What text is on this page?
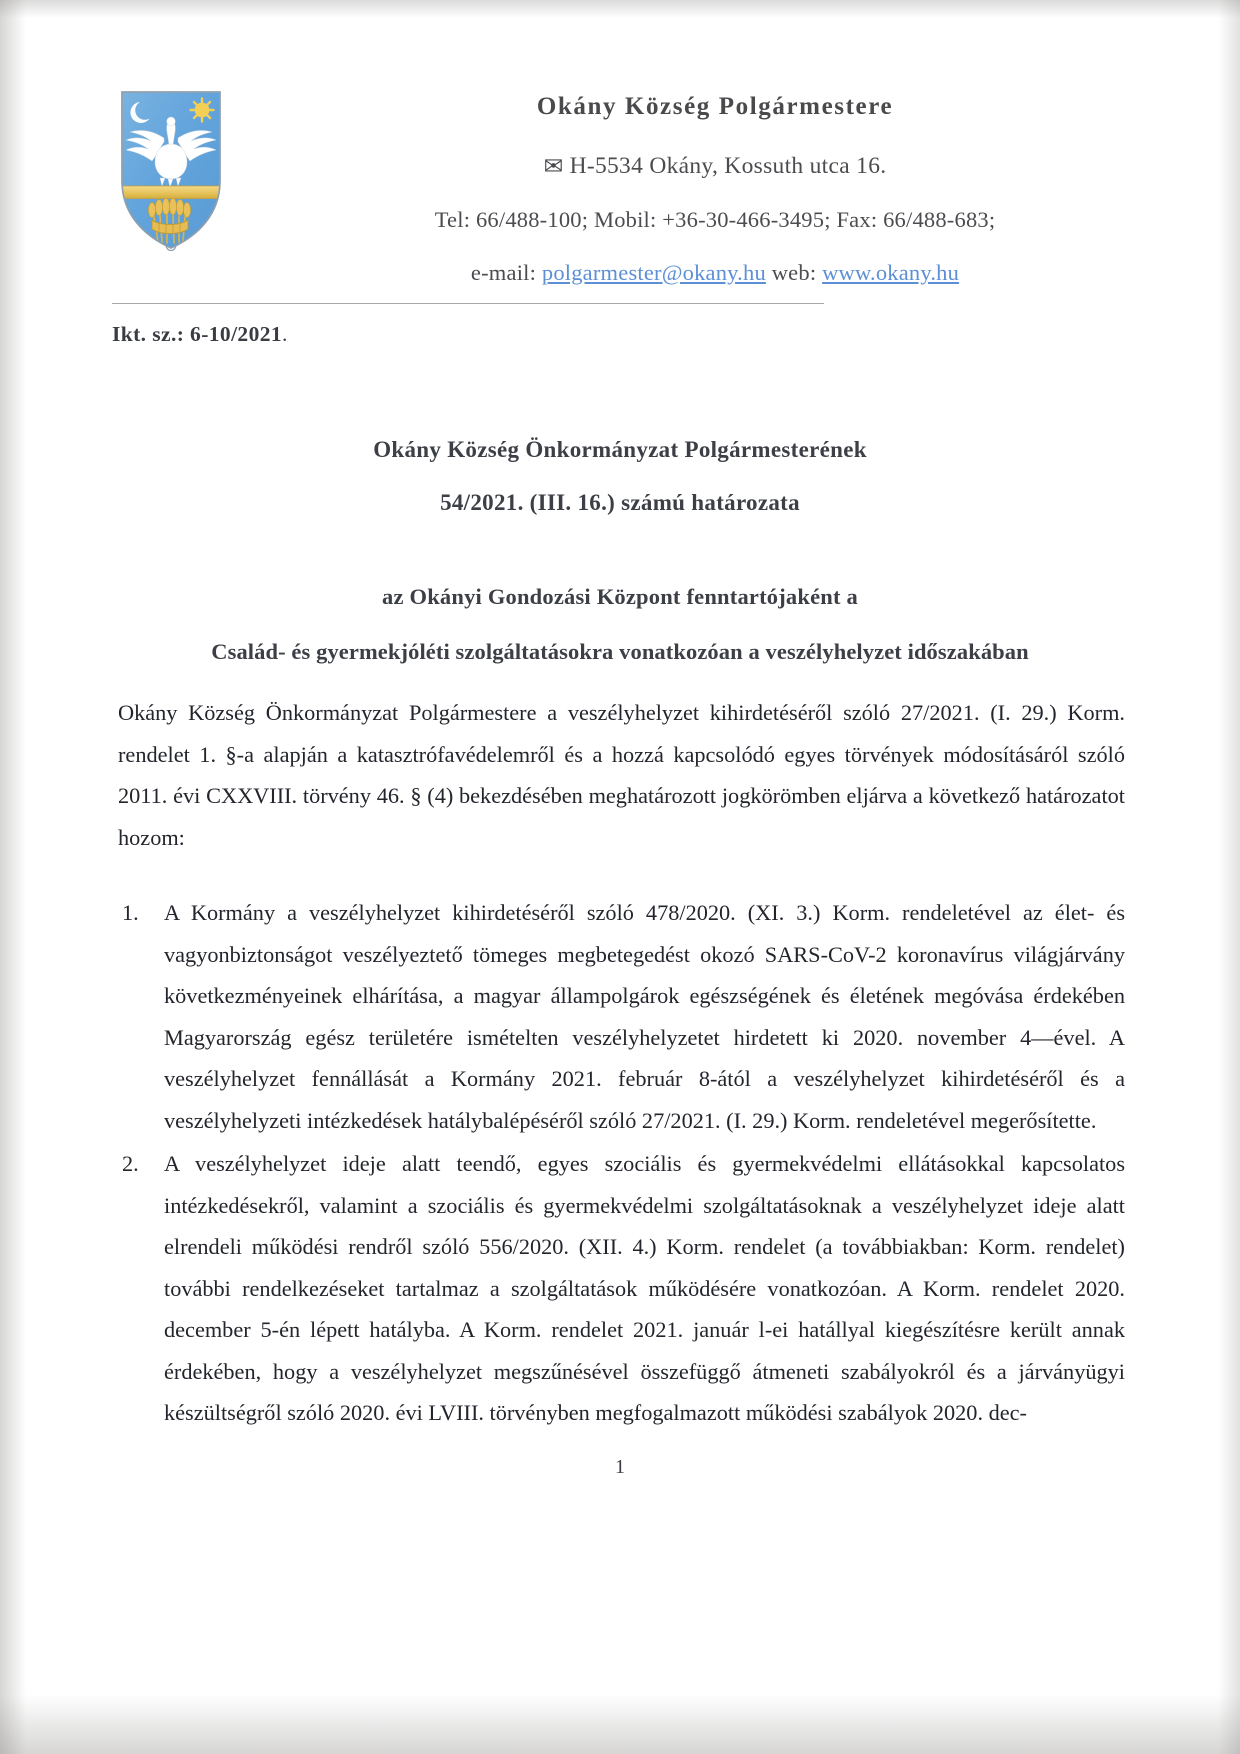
Okány Község Polgármestere
✉ H-5534 Okány, Kossuth utca 16.
Tel: 66/488-100; Mobil: +36-30-466-3495; Fax: 66/488-683;
e-mail: polgarmester@okany.hu web: www.okany.hu
Ikt. sz.: 6-10/2021.
Okány Község Önkormányzat Polgármesterének
54/2021. (III. 16.) számú határozata
az Okányi Gondozási Központ fenntartójaként a
Család- és gyermekjóléti szolgáltatásokra vonatkozóan a veszélyhelyzet időszakában

Okány Község Önkormányzat Polgármestere a veszélyhelyzet kihirdetéséről szóló 27/2021. (I. 29.) Korm. rendelet 1. §-a alapján a katasztrófavédelemről és a hozzá kapcsolódó egyes törvények módosításáról szóló 2011. évi CXXVIII. törvény 46. § (4) bekezdésében meghatározott jogkörömben eljárva a következő határozatot hozom:

1.	A Kormány a veszélyhelyzet kihirdetéséről szóló 478/2020. (XI. 3.) Korm. rendeletével az élet- és vagyonbiztonságot veszélyeztető tömeges megbetegedést okozó SARS-CoV-2 koronavírus világjárvány következményeinek elhárítása, a magyar állampolgárok egészségének és életének megóvása érdekében Magyarország egész területére ismételten veszélyhelyzetet hirdetett ki 2020. november 4—ével. A veszélyhelyzet fennállását a Kormány 2021. február 8-ától a veszélyhelyzet kihirdetéséről és a veszélyhelyzeti intézkedések hatálybalépéséről szóló 27/2021. (I. 29.) Korm. rendeletével megerősítette.
2.	A veszélyhelyzet ideje alatt teendő, egyes szociális és gyermekvédelmi ellátásokkal kapcsolatos intézkedésekről, valamint a szociális és gyermekvédelmi szolgáltatásoknak a veszélyhelyzet ideje alatt elrendeli működési rendről szóló 556/2020. (XII. 4.) Korm. rendelet (a továbbiakban: Korm. rendelet) további rendelkezéseket tartalmaz a szolgáltatások működésére vonatkozóan. A Korm. rendelet 2020. december 5-én lépett hatályba. A Korm. rendelet 2021. január l-ei hatállyal kiegészítésre került annak érdekében, hogy a veszélyhelyzet megszűnésével összefüggő átmeneti szabályokról és a járványügyi készültségről szóló 2020. évi LVIII. törvényben megfogalmazott működési szabályok 2020. dec-
1
